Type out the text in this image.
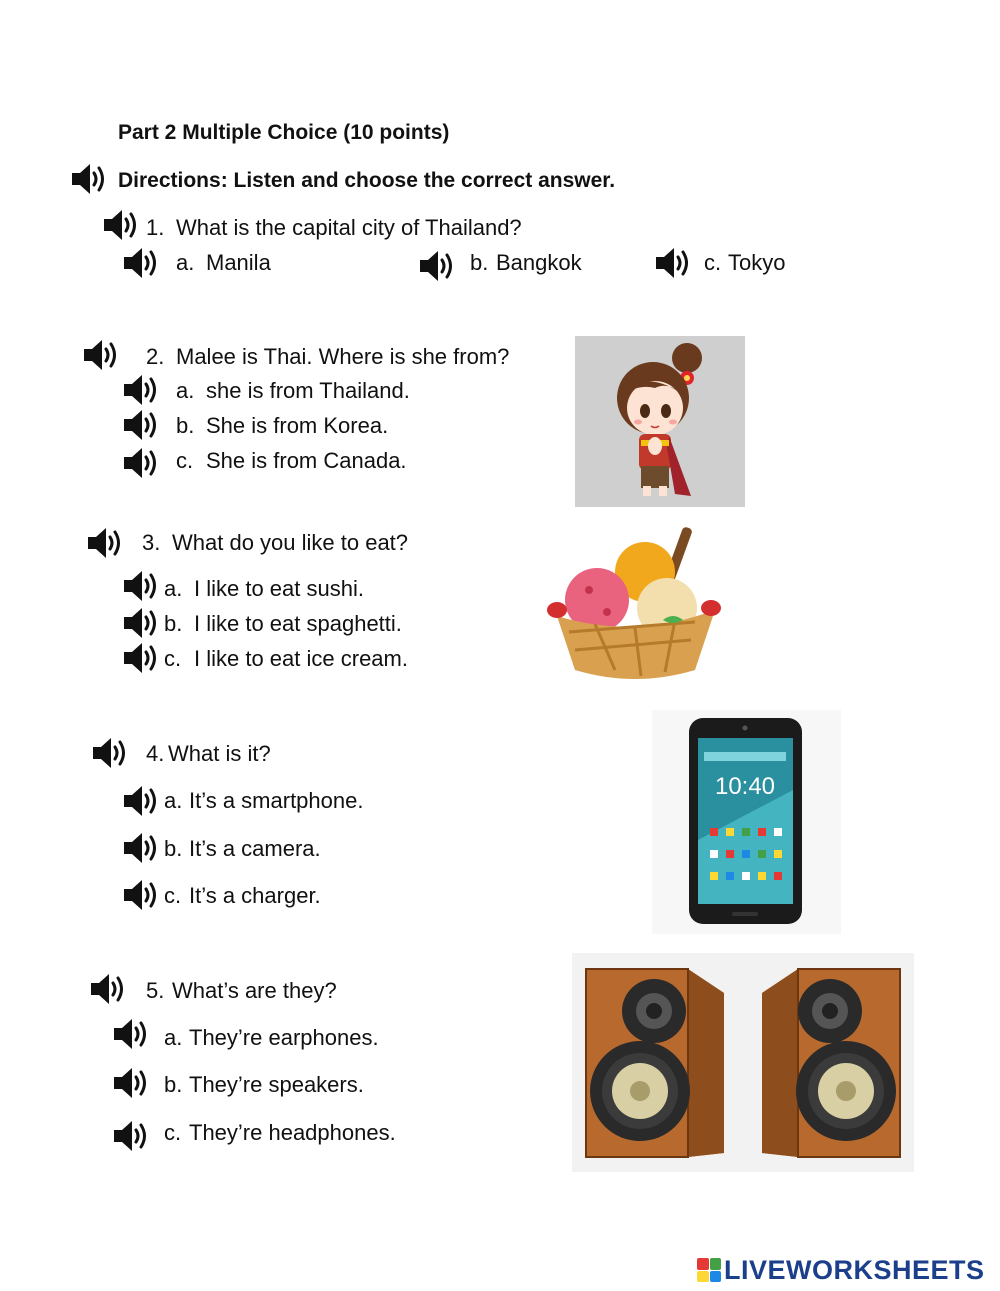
Part 2 Multiple Choice (10 points)
Directions: Listen and choose the correct answer.
1. What is the capital city of Thailand?
a. Manila	b. Bangkok	c. Tokyo
2. Malee is Thai. Where is she from?
a. she is from Thailand.
b. She is from Korea.
c. She is from Canada.
3. What do you like to eat?
a. I like to eat sushi.
b. I like to eat spaghetti.
c. I like to eat ice cream.
4. What is it?
a. It’s a smartphone.
b. It’s a camera.
c. It’s a charger.
10:40
5. What’s are they?
a. They’re earphones.
b. They’re speakers.
c. They’re headphones.
LIVEWORKSHEETS
